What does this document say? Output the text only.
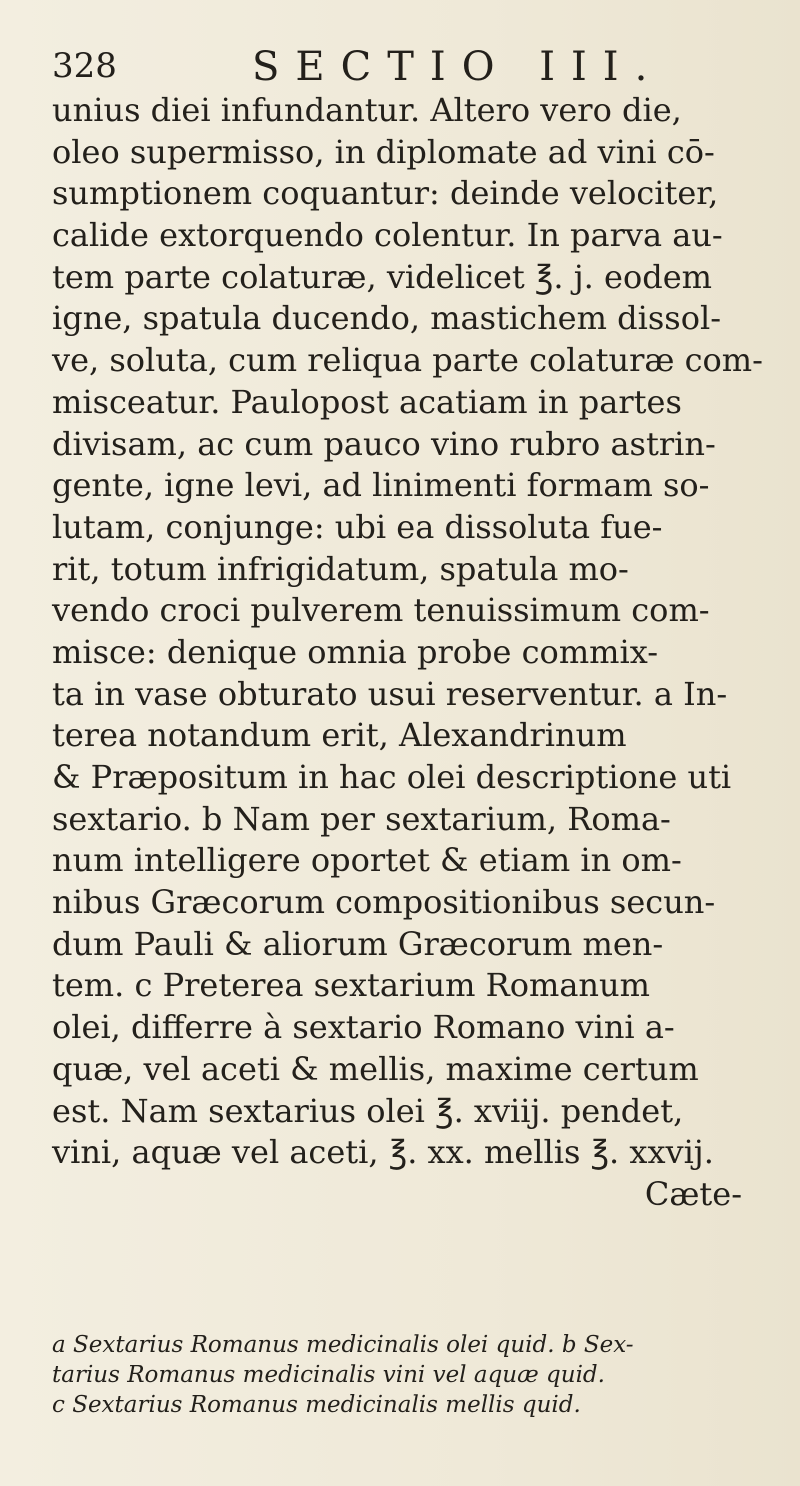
328	SECTIO III.
unius diei infundantur. Altero vero die,
oleo supermisso, in diplomate ad vini cō-
sumptionem coquantur: deinde velociter,
calide extorquendo colentur. In parva au-
tem parte colaturæ, videlicet ℥. j. eodem
igne, spatula ducendo, mastichem dissol-
ve, soluta, cum reliqua parte colaturæ com-
misceatur. Paulopost acatiam in partes
divisam, ac cum pauco vino rubro astrin-
gente, igne levi, ad linimenti formam so-
lutam, conjunge: ubi ea dissoluta fue-
rit, totum infrigidatum, spatula mo-
vendo croci pulverem tenuissimum com-
misce: denique omnia probe commix-
ta in vase obturato usui reserventur. a In-
terea notandum erit, Alexandrinum
& Præpositum in hac olei descriptione uti
sextario. b Nam per sextarium, Roma-
num intelligere oportet & etiam in om-
nibus Græcorum compositionibus secun-
dum Pauli & aliorum Græcorum men-
tem. c Preterea sextarium Romanum
olei, differre à sextario Romano vini a-
quæ, vel aceti & mellis, maxime certum
est. Nam sextarius olei ℥. xviij. pendet,
vini, aquæ vel aceti, ℥. xx. mellis ℥. xxvij.
Cæte-
a Sextarius Romanus medicinalis olei quid. b Sex-
tarius Romanus medicinalis vini vel aquæ quid.
c Sextarius Romanus medicinalis mellis quid.
